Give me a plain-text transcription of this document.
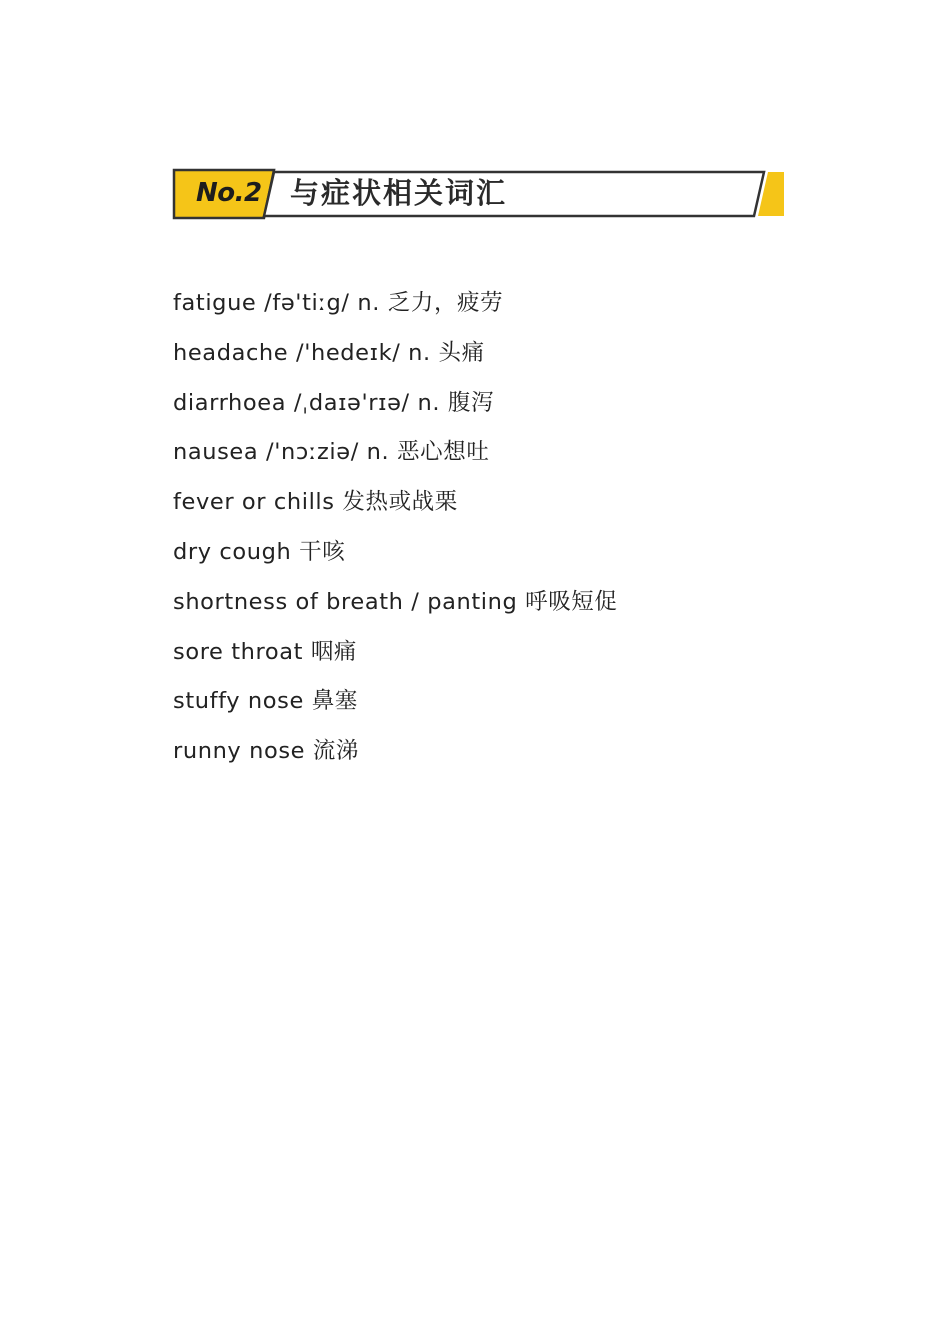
No.2 与症状相关词汇
fatigue /fə'tiːg/ n. 乏力，疲劳
headache /'hedeɪk/ n. 头痛
diarrhoea /ˌdaɪə'rɪə/ n. 腹泻
nausea /'nɔːziə/ n. 恶心想吐
fever or chills 发热或战栗
dry cough 干咳
shortness of breath / panting 呼吸短促
sore throat 咽痛
stuffy nose 鼻塞
runny nose 流涕
